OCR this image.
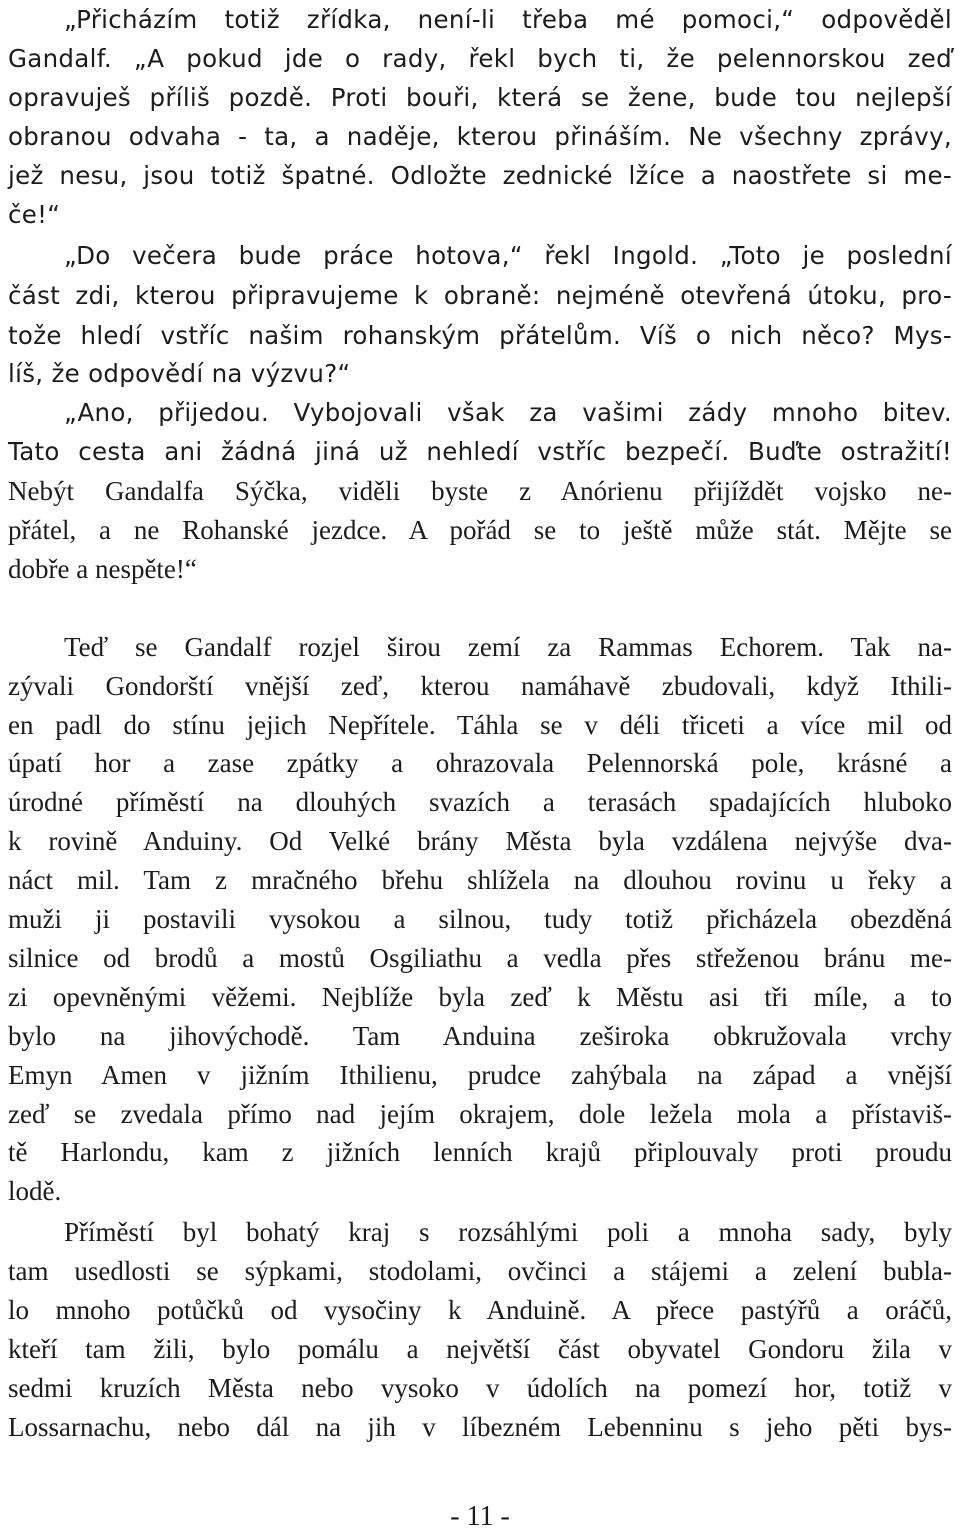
„Přicházím totiž zřídka, není-li třeba mé pomoci,“ odpověděl
Gandalf. „A pokud jde o rady, řekl bych ti, že pelennorskou zeď
opravuješ příliš pozdě. Proti bouři, která se žene, bude tou nejlepší
obranou odvaha - ta, a naděje, kterou přináším. Ne všechny zprávy,
jež nesu, jsou totiž špatné. Odložte zednické lžíce a naostřete si me-
če!“
„Do večera bude práce hotova,“ řekl Ingold. „Toto je poslední
část zdi, kterou připravujeme k obraně: nejméně otevřená útoku, pro-
tože hledí vstříc našim rohanským přátelům. Víš o nich něco? Mys-
líš, že odpovědí na výzvu?“
„Ano, přijedou. Vybojovali však za vašimi zády mnoho bitev.
Tato cesta ani žádná jiná už nehledí vstříc bezpečí. Buďte ostražití!
Nebýt Gandalfa Sýčka, viděli byste z Anórienu přijíždět vojsko ne-
přátel, a ne Rohanské jezdce. A pořád se to ještě může stát. Mějte se
dobře a nespěte!“
Teď se Gandalf rozjel širou zemí za Rammas Echorem. Tak na-
zývali Gondorští vnější zeď, kterou namáhavě zbudovali, když Ithili-
en padl do stínu jejich Nepřítele. Táhla se v déli třiceti a více mil od
úpatí hor a zase zpátky a ohrazovala Pelennorská pole, krásné a
úrodné příměstí na dlouhých svazích a terasách spadajících hluboko
k rovině Anduiny. Od Velké brány Města byla vzdálena nejvýše dva-
náct mil. Tam z mračného břehu shlížela na dlouhou rovinu u řeky a
muži ji postavili vysokou a silnou, tudy totiž přicházela obezděná
silnice od brodů a mostů Osgiliathu a vedla přes střeženou bránu me-
zi opevněnými věžemi. Nejblíže byla zeď k Městu asi tři míle, a to
bylo na jihovýchodě. Tam Anduina zeširoka obkružovala vrchy
Emyn Amen v jižním Ithilienu, prudce zahýbala na západ a vnější
zeď se zvedala přímo nad jejím okrajem, dole ležela mola a přístaviš-
tě Harlondu, kam z jižních lenních krajů připlouvaly proti proudu
lodě.
Příměstí byl bohatý kraj s rozsáhlými poli a mnoha sady, byly
tam usedlosti se sýpkami, stodolami, ovčinci a stájemi a zelení bubla-
lo mnoho potůčků od vysočiny k Anduině. A přece pastýřů a oráčů,
kteří tam žili, bylo pomálu a největší část obyvatel Gondoru žila v
sedmi kruzích Města nebo vysoko v údolích na pomezí hor, totiž v
Lossarnachu, nebo dál na jih v líbezném Lebenninu s jeho pěti bys-
- 11 -
